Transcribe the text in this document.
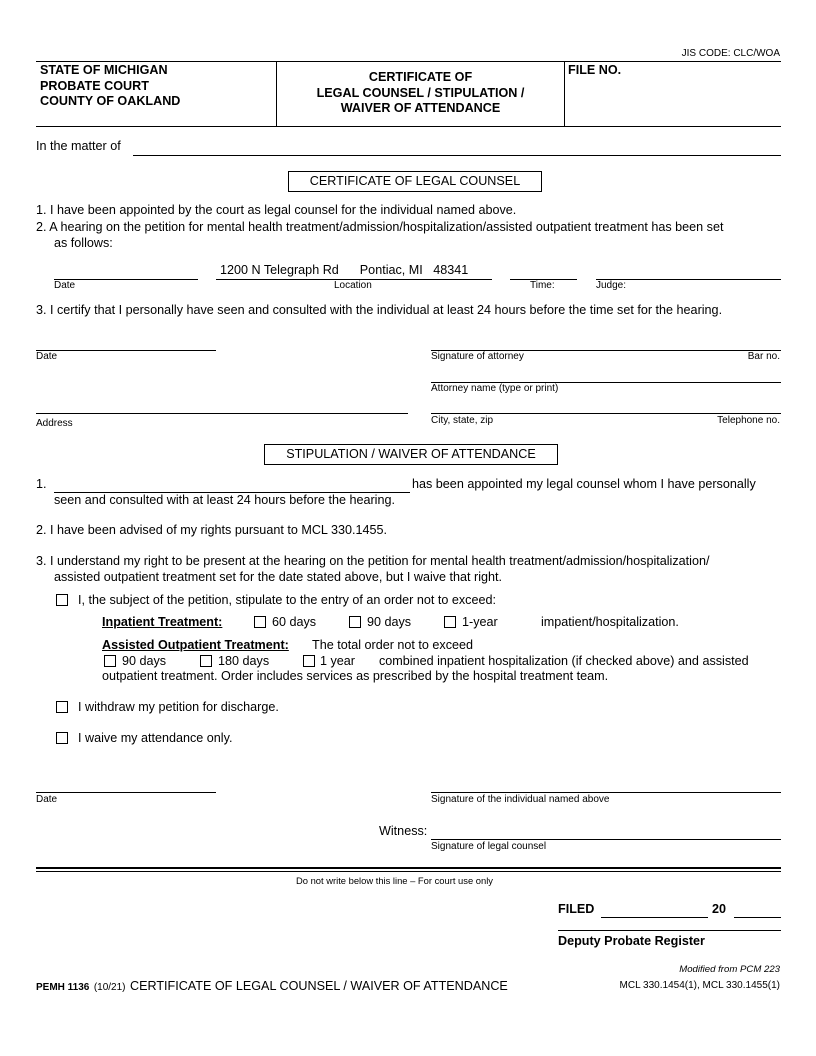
JIS CODE: CLC/WOA
STATE OF MICHIGAN
PROBATE COURT
COUNTY OF OAKLAND
CERTIFICATE OF
LEGAL COUNSEL / STIPULATION /
WAIVER OF ATTENDANCE
FILE NO.
In the matter of
CERTIFICATE OF LEGAL COUNSEL
1. I have been appointed by the court as legal counsel for the individual named above.
2. A hearing on the petition for mental health treatment/admission/hospitalization/assisted outpatient treatment has been set
as follows:
1200 N Telegraph Rd      Pontiac, MI   48341
Date	Location	Time:	Judge:
3. I certify that I personally have seen and consulted with the individual at least 24 hours before the time set for the hearing.
Date	Signature of attorney	Bar no.
Attorney name (type or print)
Address	City, state, zip	Telephone no.
STIPULATION / WAIVER OF ATTENDANCE
1.	has been appointed my legal counsel whom I have personally
seen and consulted with at least 24 hours before the hearing.
2. I have been advised of my rights pursuant to MCL 330.1455.
3. I understand my right to be present at the hearing on the petition for mental health treatment/admission/hospitalization/
assisted outpatient treatment set for the date stated above, but I waive that right.
I, the subject of the petition, stipulate to the entry of an order not to exceed:
Inpatient Treatment:	60 days	90 days	1-year	impatient/hospitalization.
Assisted Outpatient Treatment: The total order not to exceed
90 days	180 days	1 year combined inpatient hospitalization (if checked above) and assisted
outpatient treatment. Order includes services as prescribed by the hospital treatment team.
I withdraw my petition for discharge.
I waive my attendance only.
Date	Signature of the individual named above
Witness:
Signature of legal counsel
Do not write below this line – For court use only
FILED	20
Deputy Probate Register
Modified from PCM 223
PEMH 1136 (10/21) CERTIFICATE OF LEGAL COUNSEL / WAIVER OF ATTENDANCE	MCL 330.1454(1), MCL 330.1455(1)
